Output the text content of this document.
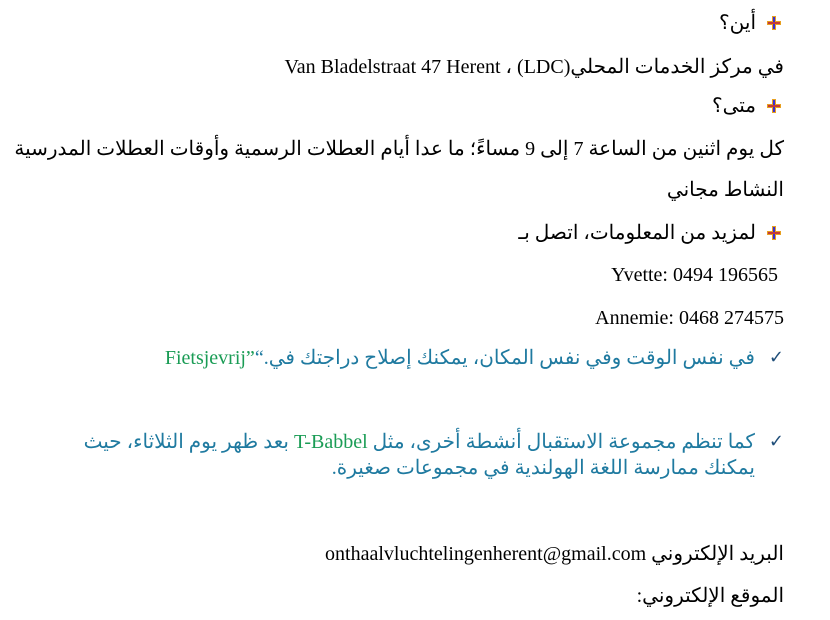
أين؟
في مركز الخدمات المحلي(LDC) ، Van Bladelstraat 47 Herent
متى؟
كل يوم اثنين من الساعة 7 إلى 9 مساءً؛ ما عدا أيام العطلات الرسمية وأوقات العطلات المدرسية
النشاط مجاني
لمزيد من المعلومات، اتصل بـ
Yvette: 0494 196565
Annemie: 0468 274575
✓
في نفس الوقت وفي نفس المكان، يمكنك إصلاح دراجتك في.“Fietsjevrij”
✓
كما تنظم مجموعة الاستقبال أنشطة أخرى، مثل T-Babbel بعد ظهر يوم الثلاثاء، حيث يمكنك ممارسة اللغة الهولندية في مجموعات صغيرة.
البريد الإلكتروني onthaalvluchtelingenherent@gmail.com
الموقع الإلكتروني:
